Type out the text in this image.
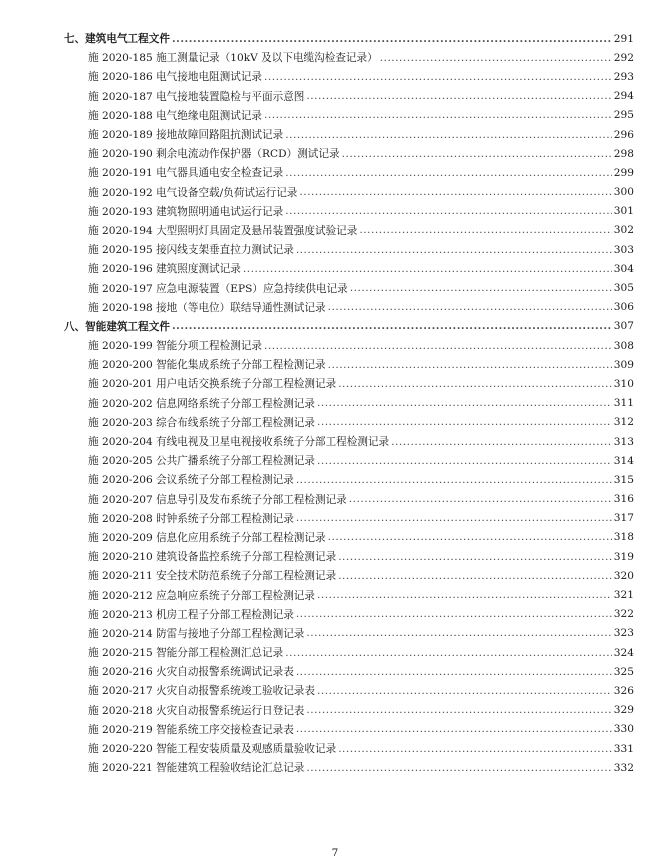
七、建筑电气工程文件 .....	291
施 2020-185 施工测量记录（10kV 及以下电缆沟检查记录） .....	292
施 2020-186 电气接地电阻测试记录 .....	293
施 2020-187 电气接地装置隐检与平面示意图 .....	294
施 2020-188 电气绝缘电阻测试记录 .....	295
施 2020-189 接地故障回路阻抗测试记录 .....	296
施 2020-190 剩余电流动作保护器（RCD）测试记录 .....	298
施 2020-191 电气器具通电安全检查记录 .....	299
施 2020-192 电气设备空载/负荷试运行记录 .....	300
施 2020-193 建筑物照明通电试运行记录 .....	301
施 2020-194 大型照明灯具固定及悬吊装置强度试验记录 .....	302
施 2020-195 接闪线支架垂直拉力测试记录 .....	303
施 2020-196 建筑照度测试记录 .....	304
施 2020-197 应急电源装置（EPS）应急持续供电记录 .....	305
施 2020-198 接地（等电位）联结导通性测试记录 .....	306
八、智能建筑工程文件 .....	307
施 2020-199 智能分项工程检测记录 .....	308
施 2020-200 智能化集成系统子分部工程检测记录 .....	309
施 2020-201 用户电话交换系统子分部工程检测记录 .....	310
施 2020-202 信息网络系统子分部工程检测记录 .....	311
施 2020-203 综合布线系统子分部工程检测记录 .....	312
施 2020-204 有线电视及卫星电视接收系统子分部工程检测记录 .....	313
施 2020-205 公共广播系统子分部工程检测记录 .....	314
施 2020-206 会议系统子分部工程检测记录 .....	315
施 2020-207 信息导引及发布系统子分部工程检测记录 .....	316
施 2020-208 时钟系统子分部工程检测记录 .....	317
施 2020-209 信息化应用系统子分部工程检测记录 .....	318
施 2020-210 建筑设备监控系统子分部工程检测记录 .....	319
施 2020-211 安全技术防范系统子分部工程检测记录 .....	320
施 2020-212 应急响应系统子分部工程检测记录 .....	321
施 2020-213 机房工程子分部工程检测记录 .....	322
施 2020-214 防雷与接地子分部工程检测记录 .....	323
施 2020-215 智能分部工程检测汇总记录 .....	324
施 2020-216 火灾自动报警系统调试记录表 .....	325
施 2020-217 火灾自动报警系统竣工验收记录表 .....	326
施 2020-218 火灾自动报警系统运行日登记表 .....	329
施 2020-219 智能系统工序交接检查记录表 .....	330
施 2020-220 智能工程安装质量及观感质量验收记录 .....	331
施 2020-221 智能建筑工程验收结论汇总记录 .....	332
7
